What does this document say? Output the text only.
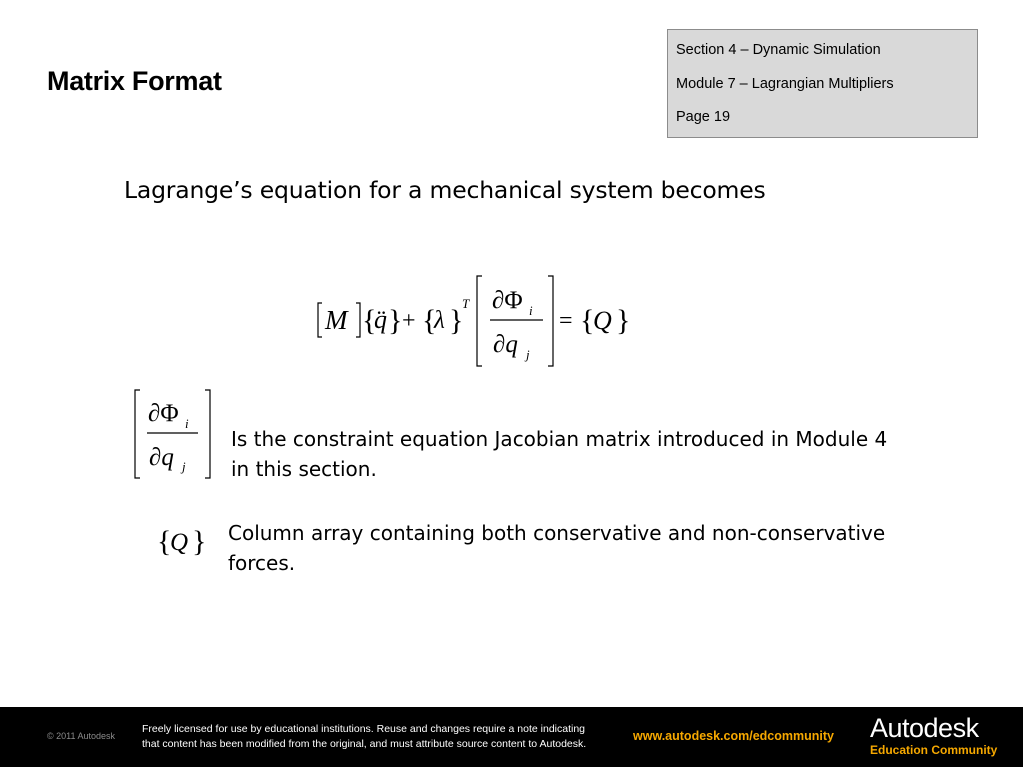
Matrix Format
Section 4 – Dynamic Simulation
Module 7 – Lagrangian Multipliers
Page 19
Lagrange’s equation for a mechanical system becomes
M {
q̈ } + {
λ }
T ∂Φ i
∂q j
= {
Q }
∂Φ i
∂q j
Is the constraint equation Jacobian matrix introduced in Module 4
in this section.
{
Q } Column array containing both conservative and non-conservative
forces.
© 2011 Autodesk
Freely licensed for use by educational institutions. Reuse and changes require a note indicating
that content has been modified from the original, and must attribute source content to Autodesk.
www.autodesk.com/edcommunity Autodesk
Education Community
